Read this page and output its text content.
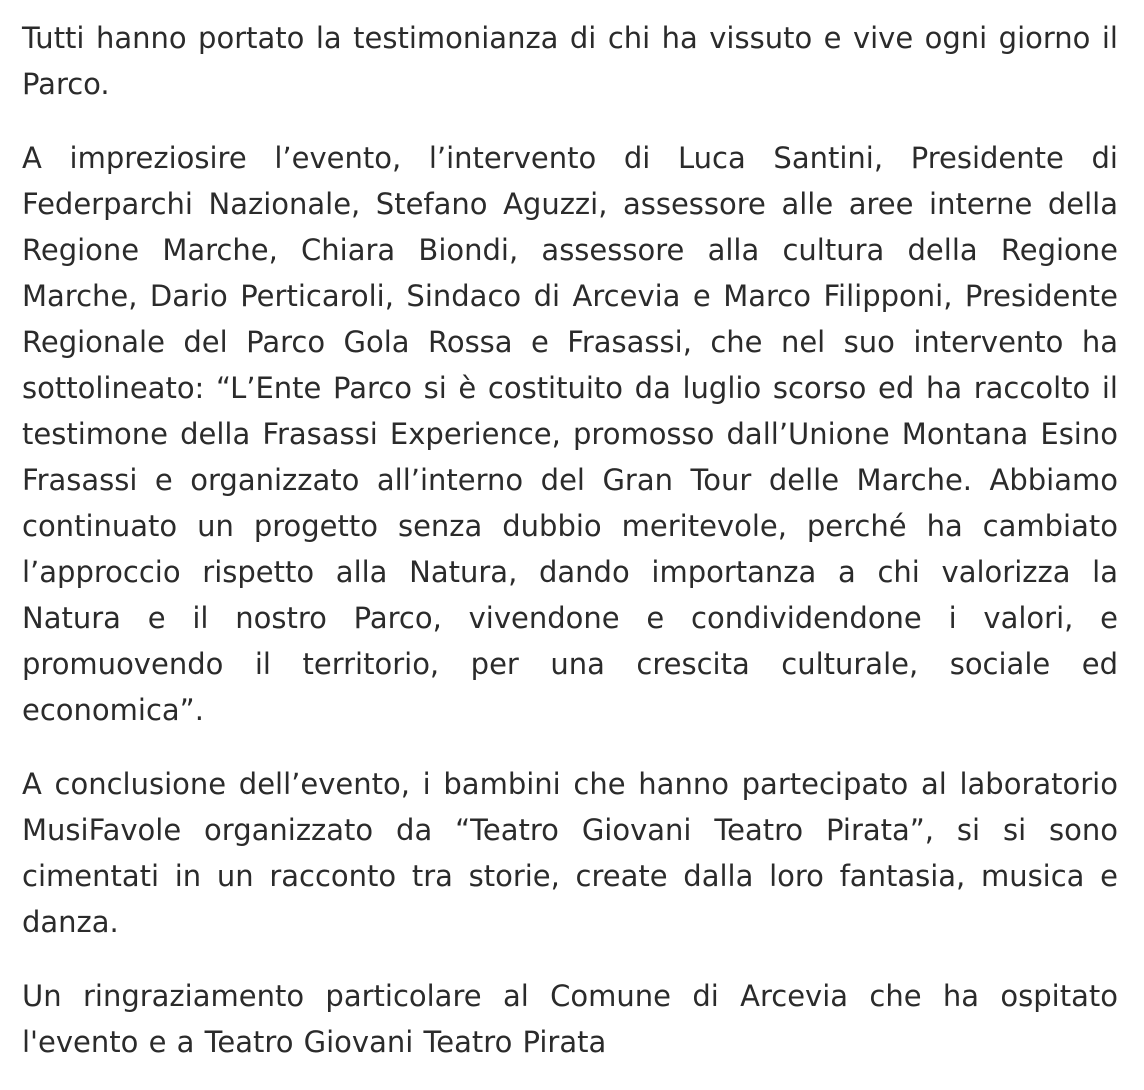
Tutti hanno portato la testimonianza di chi ha vissuto e vive ogni giorno il Parco.

A impreziosire l’evento, l’intervento di Luca Santini, Presidente di Federparchi Nazionale, Stefano Aguzzi, assessore alle aree interne della Regione Marche, Chiara Biondi, assessore alla cultura della Regione Marche, Dario Perticaroli, Sindaco di Arcevia e Marco Filipponi, Presidente Regionale del Parco Gola Rossa e Frasassi, che nel suo intervento ha sottolineato: “L’Ente Parco si è costituito da luglio scorso ed ha raccolto il testimone della Frasassi Experience, promosso dall’Unione Montana Esino Frasassi e organizzato all’interno del Gran Tour delle Marche. Abbiamo continuato un progetto senza dubbio meritevole, perché ha cambiato l’approccio rispetto alla Natura, dando importanza a chi valorizza la Natura e il nostro Parco, vivendone e condividendone i valori, e promuovendo il territorio, per una crescita culturale, sociale ed economica”.

A conclusione dell’evento, i bambini che hanno partecipato al laboratorio MusiFavole organizzato da “Teatro Giovani Teatro Pirata”, si si sono cimentati in un racconto tra storie, create dalla loro fantasia, musica e danza.

Un ringraziamento particolare al Comune di Arcevia che ha ospitato l'evento e a Teatro Giovani Teatro Pirata
